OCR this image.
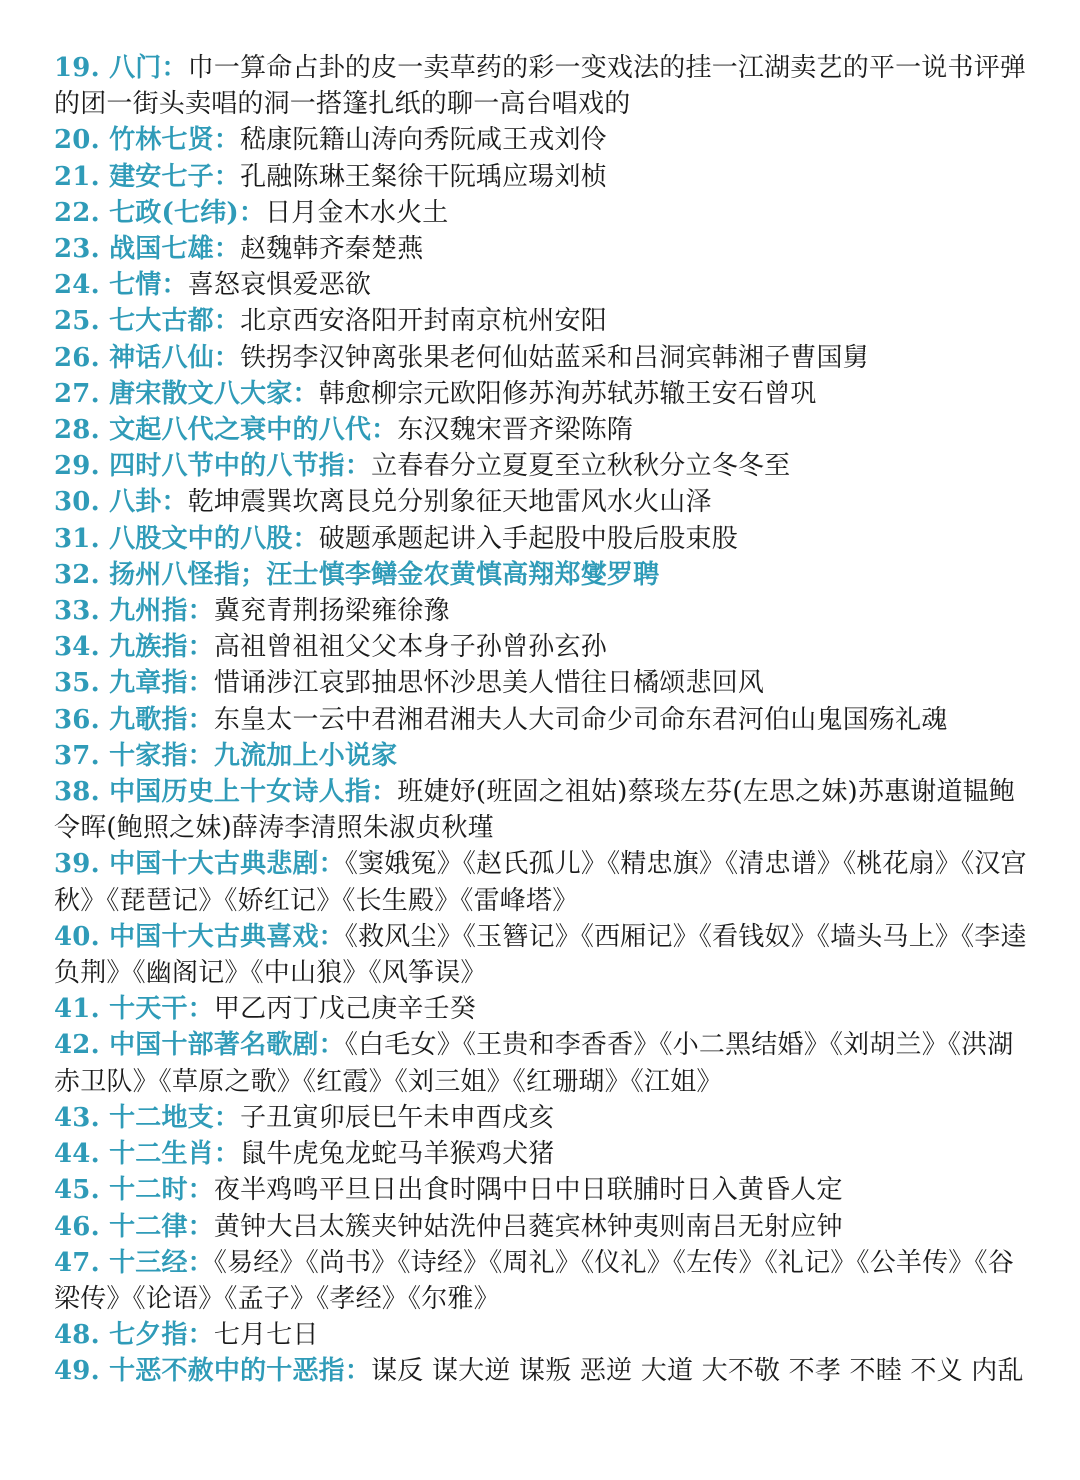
19. 八门：巾一算命占卦的皮一卖草药的彩一变戏法的挂一江湖卖艺的平一说书评弹的团一街头卖唱的洞一搭篷扎纸的聊一高台唱戏的

20. 竹林七贤：嵇康阮籍山涛向秀阮咸王戎刘伶

21. 建安七子：孔融陈琳王粲徐干阮瑀应瑒刘桢

22. 七政(七纬)：日月金木水火土

23. 战国七雄：赵魏韩齐秦楚燕

24. 七情：喜怒哀惧爱恶欲

25. 七大古都：北京西安洛阳开封南京杭州安阳

26. 神话八仙：铁拐李汉钟离张果老何仙姑蓝采和吕洞宾韩湘子曹国舅

27. 唐宋散文八大家：韩愈柳宗元欧阳修苏洵苏轼苏辙王安石曾巩

28. 文起八代之衰中的八代：东汉魏宋晋齐梁陈隋

29. 四时八节中的八节指：立春春分立夏夏至立秋秋分立冬冬至

30. 八卦：乾坤震巽坎离艮兑分别象征天地雷风水火山泽

31. 八股文中的八股：破题承题起讲入手起股中股后股束股

32. 扬州八怪指；汪士慎李鳝金农黄慎高翔郑燮罗聘

33. 九州指：冀兖青荆扬梁雍徐豫

34. 九族指：高祖曾祖祖父父本身子孙曾孙玄孙

35. 九章指：惜诵涉江哀郢抽思怀沙思美人惜往日橘颂悲回风

36. 九歌指：东皇太一云中君湘君湘夫人大司命少司命东君河伯山鬼国殇礼魂

37. 十家指：九流加上小说家

38. 中国历史上十女诗人指：班婕妤(班固之祖姑)蔡琰左芬(左思之妹)苏惠谢道韫鲍令晖(鲍照之妹)薛涛李清照朱淑贞秋瑾

39. 中国十大古典悲剧：《窦娥冤》《赵氏孤儿》《精忠旗》《清忠谱》《桃花扇》《汉宫秋》《琵琶记》《娇红记》《长生殿》《雷峰塔》

40. 中国十大古典喜戏：《救风尘》《玉簪记》《西厢记》《看钱奴》《墙头马上》《李逵负荆》《幽阁记》《中山狼》《风筝误》

41. 十天干：甲乙丙丁戊己庚辛壬癸

42. 中国十部著名歌剧：《白毛女》《王贵和李香香》《小二黑结婚》《刘胡兰》《洪湖赤卫队》《草原之歌》《红霞》《刘三姐》《红珊瑚》《江姐》

43. 十二地支：子丑寅卯辰巳午未申酉戌亥

44. 十二生肖：鼠牛虎兔龙蛇马羊猴鸡犬猪

45. 十二时：夜半鸡鸣平旦日出食时隅中日中日联脯时日入黄昏人定

46. 十二律：黄钟大吕太簇夹钟姑洗仲吕蕤宾林钟夷则南吕无射应钟

47. 十三经：《易经》《尚书》《诗经》《周礼》《仪礼》《左传》《礼记》《公羊传》《谷梁传》《论语》《孟子》《孝经》《尔雅》

48. 七夕指：七月七日

49. 十恶不赦中的十恶指：谋反 谋大逆 谋叛 恶逆 大道 大不敬 不孝 不睦 不义 内乱
